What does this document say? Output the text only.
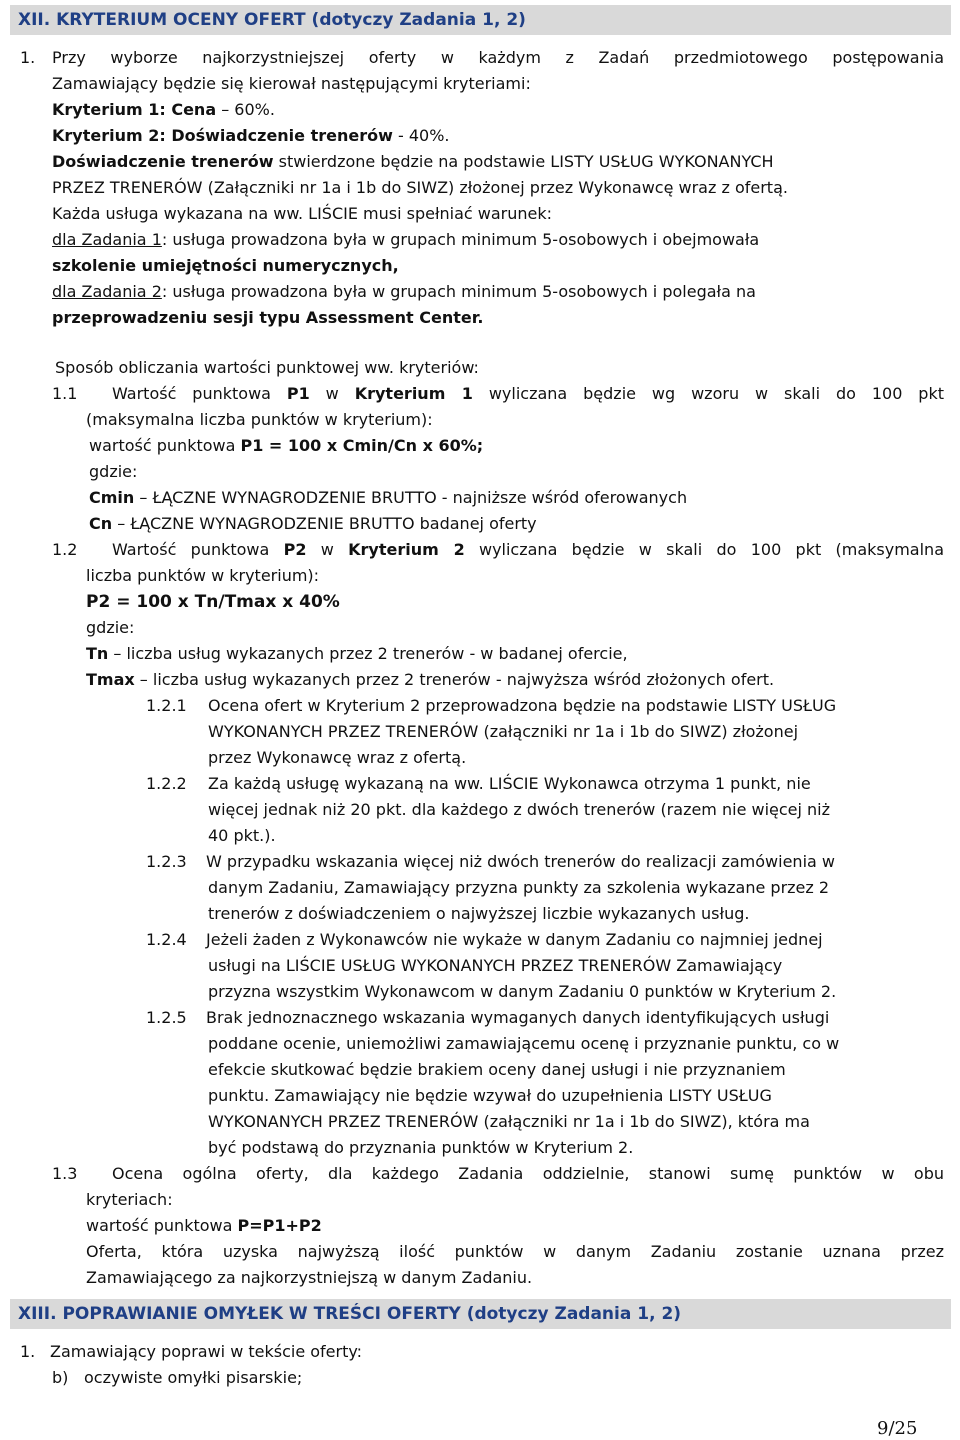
XII. KRYTERIUM OCENY OFERT (dotyczy Zadania 1, 2)
1. Przy wyborze najkorzystniejszej oferty w każdym z Zadań przedmiotowego postępowania
Zamawiający będzie się kierował następującymi kryteriami:
Kryterium 1: Cena – 60%.
Kryterium 2: Doświadczenie trenerów - 40%.
Doświadczenie trenerów stwierdzone będzie na podstawie LISTY USŁUG WYKONANYCH
PRZEZ TRENERÓW (Załączniki nr 1a i 1b do SIWZ) złożonej przez Wykonawcę wraz z ofertą.
Każda usługa wykazana na ww. LIŚCIE musi spełniać warunek:
dla Zadania 1: usługa prowadzona była w grupach minimum 5-osobowych i obejmowała
szkolenie umiejętności numerycznych,
dla Zadania 2: usługa prowadzona była w grupach minimum 5-osobowych i polegała na
przeprowadzeniu sesji typu Assessment Center.
Sposób obliczania wartości punktowej ww. kryteriów:
1.1 Wartość punktowa P1 w Kryterium 1 wyliczana będzie wg wzoru w skali do 100 pkt
(maksymalna liczba punktów w kryterium):
wartość punktowa P1 = 100 x Cmin/Cn x 60%;
gdzie:
Cmin – ŁĄCZNE WYNAGRODZENIE BRUTTO - najniższe wśród oferowanych
Cn – ŁĄCZNE WYNAGRODZENIE BRUTTO badanej oferty
1.2 Wartość punktowa P2 w Kryterium 2 wyliczana będzie w skali do 100 pkt (maksymalna
liczba punktów w kryterium):
P2 = 100 x Tn/Tmax x 40%
gdzie:
Tn – liczba usług wykazanych przez 2 trenerów - w badanej ofercie,
Tmax – liczba usług wykazanych przez 2 trenerów - najwyższa wśród złożonych ofert.
1.2.1 Ocena ofert w Kryterium 2 przeprowadzona będzie na podstawie LISTY USŁUG
WYKONANYCH PRZEZ TRENERÓW (załączniki nr 1a i 1b do SIWZ) złożonej
przez Wykonawcę wraz z ofertą.
1.2.2 Za każdą usługę wykazaną na ww. LIŚCIE Wykonawca otrzyma 1 punkt, nie
więcej jednak niż 20 pkt. dla każdego z dwóch trenerów (razem nie więcej niż
40 pkt.).
1.2.3 W przypadku wskazania więcej niż dwóch trenerów do realizacji zamówienia w
danym Zadaniu, Zamawiający przyzna punkty za szkolenia wykazane przez 2
trenerów z doświadczeniem o najwyższej liczbie wykazanych usług.
1.2.4 Jeżeli żaden z Wykonawców nie wykaże w danym Zadaniu co najmniej jednej
usługi na LIŚCIE USŁUG WYKONANYCH PRZEZ TRENERÓW Zamawiający
przyzna wszystkim Wykonawcom w danym Zadaniu 0 punktów w Kryterium 2.
1.2.5 Brak jednoznacznego wskazania wymaganych danych identyfikujących usługi
poddane ocenie, uniemożliwi zamawiającemu ocenę i przyznanie punktu, co w
efekcie skutkować będzie brakiem oceny danej usługi i nie przyznaniem
punktu. Zamawiający nie będzie wzywał do uzupełnienia LISTY USŁUG
WYKONANYCH PRZEZ TRENERÓW (załączniki nr 1a i 1b do SIWZ), która ma
być podstawą do przyznania punktów w Kryterium 2.
1.3 Ocena ogólna oferty, dla każdego Zadania oddzielnie, stanowi sumę punktów w obu
kryteriach:
wartość punktowa P=P1+P2
Oferta, która uzyska najwyższą ilość punktów w danym Zadaniu zostanie uznana przez
Zamawiającego za najkorzystniejszą w danym Zadaniu.
XIII. POPRAWIANIE OMYŁEK W TREŚCI OFERTY (dotyczy Zadania 1, 2)
1. Zamawiający poprawi w tekście oferty:
b) oczywiste omyłki pisarskie;
9/25
